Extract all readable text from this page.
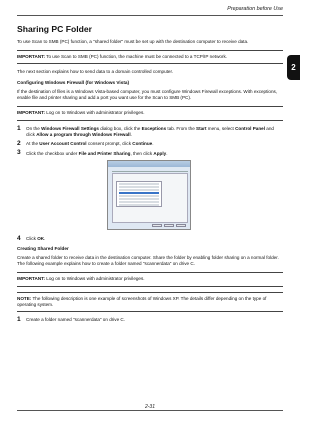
Preparation before Use
2
Sharing PC Folder
To use Scan to SMB (PC) function, a "shared folder" must be set up with the destination computer to receive data.
IMPORTANT: To use Scan to SMB (PC) function, the machine must be connected to a TCP/IP network.
The next section explains how to send data to a domain controlled computer.
Configuring Windows Firewall (for Windows Vista)
If the destination of files is a Windows Vista-based computer, you must configure Windows Firewall exceptions. With exceptions, enable file and printer sharing and add a port you want use for the Scan to SMB (PC).
IMPORTANT: Log on to Windows with administrator privileges.
1	On the Windows Firewall Settings dialog box, click the Exceptions tab. From the Start menu, select Control Panel and click Allow a program through Windows Firewall.
2	At the User Account Control consent prompt, click Continue.
3	Click the checkbox under File and Printer Sharing, then click Apply.
4	Click OK.
Creating Shared Folder
Create a shared folder to receive data in the destination computer. Share the folder by enabling folder sharing on a normal folder. The following example explains how to create a folder named "scannerdata" on drive C.
IMPORTANT: Log on to Windows with administrator privileges.
NOTE: The following description is one example of screenshots of Windows XP. The details differ depending on the type of operating system.
1	Create a folder named "scannerdata" on drive C.
2-31
